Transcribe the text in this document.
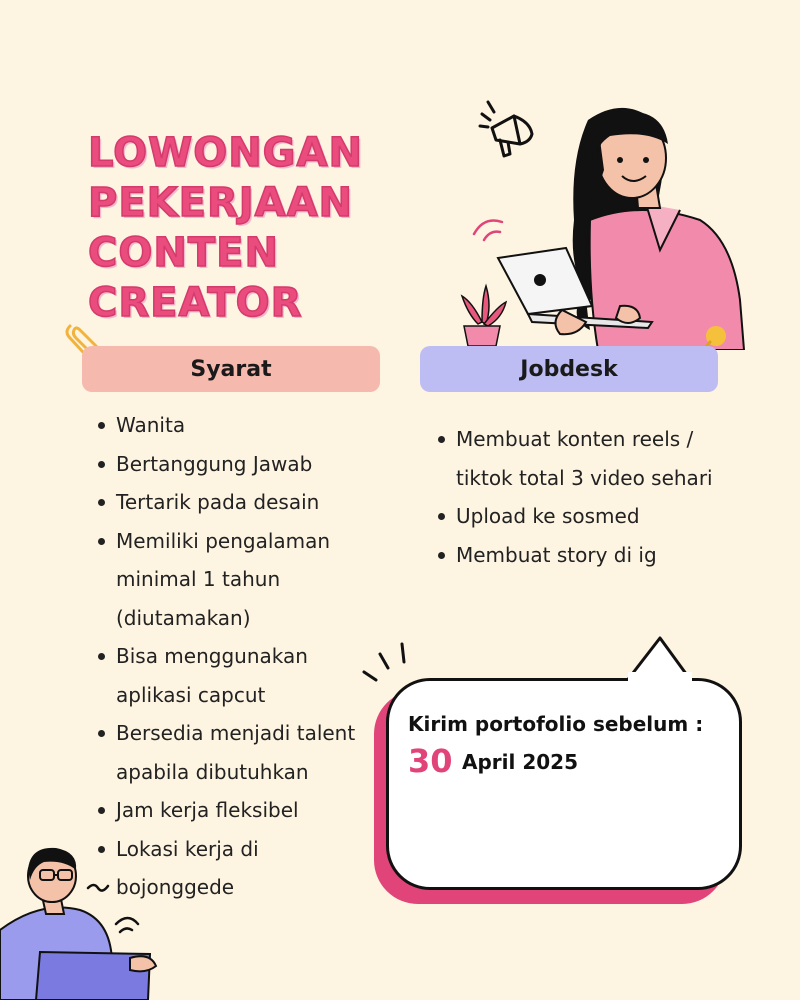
LOWONGAN
PEKERJAAN
CONTEN
CREATOR
Syarat	Jobdesk
Wanita
Bertanggung Jawab
Tertarik pada desain
Memiliki pengalaman minimal 1 tahun (diutamakan)
Bisa menggunakan aplikasi capcut
Bersedia menjadi talent apabila dibutuhkan
Jam kerja fleksibel
Lokasi kerja di bojonggede
Membuat konten reels / tiktok total 3 video sehari
Upload ke sosmed
Membuat story di ig
Kirim portofolio sebelum :
30 April 2025
